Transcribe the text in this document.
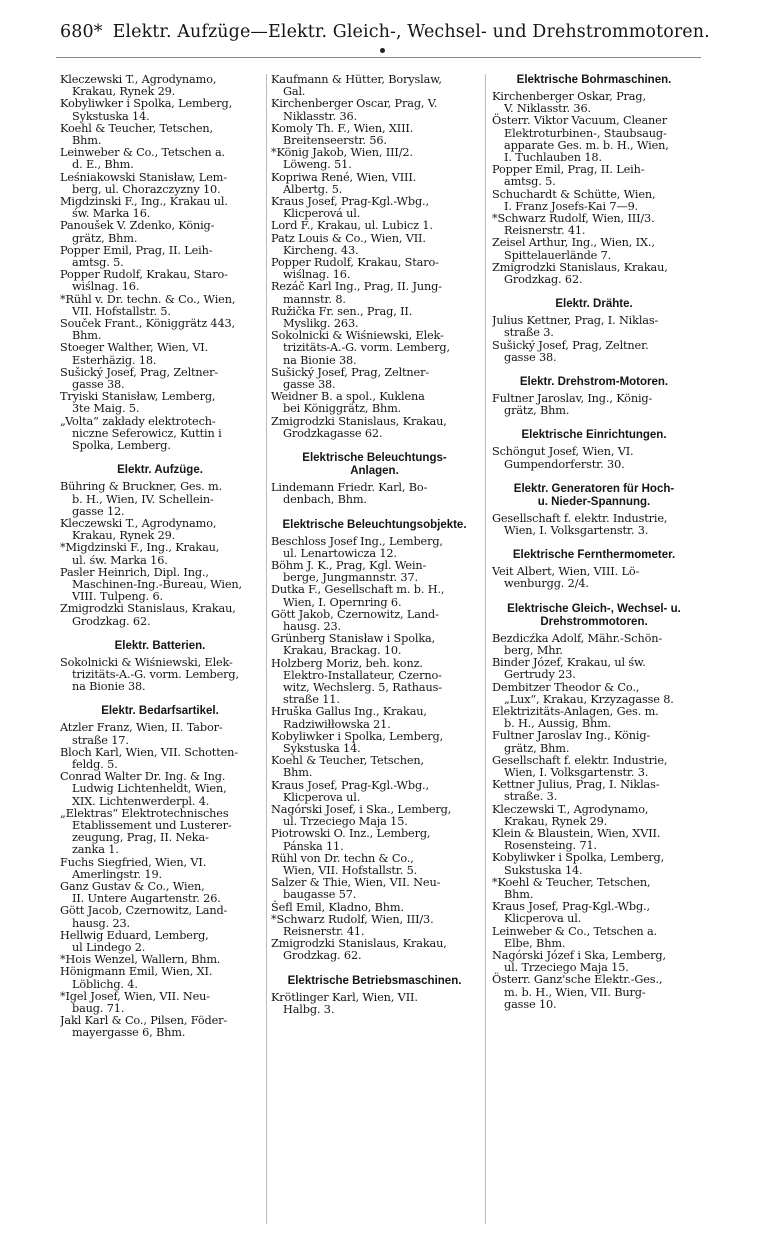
680* Elektr. Aufzüge—Elektr. Gleich-, Wechsel- und Drehstrommotoren.

Kleczewski T., Agrodynamo,
Krakau, Rynek 29.

Kobyliwker i Spolka, Lemberg,
Sykstuska 14.

Koehl & Teucher, Tetschen,
Bhm.

Leinweber & Co., Tetschen a.
d. E., Bhm.

Leśniakowski Stanisław, Lem-
berg, ul. Chorazczyzny 10.

Migdzinski F., Ing., Krakau ul.
św. Marka 16.

Panoušek V. Zdenko, König-
grätz, Bhm.

Popper Emil, Prag, II. Leih-
amtsg. 5.

Popper Rudolf, Krakau, Staro-
wiślnag. 16.

*Rühl v. Dr. techn. & Co., Wien,
VII. Hofstallstr. 5.

Souček Frant., Königgrätz 443,
Bhm.

Stoeger Walther, Wien, VI.
Esterhäzig. 18.

Sušický Josef, Prag, Zeltner-
gasse 38.

Tryiski Stanisław, Lemberg,
3te Maig. 5.

„Volta“ zakłady elektrotech-
niczne Seferowicz, Kuttin i
Spolka, Lemberg.

Elektr. Aufzüge.

Bühring & Bruckner, Ges. m.
b. H., Wien, IV. Schellein-
gasse 12.

Kleczewski T., Agrodynamo,
Krakau, Rynek 29.

*Migdzinski F., Ing., Krakau,
ul. św. Marka 16.

Pasler Heinrich, Dipl. Ing.,
Maschinen-Ing.-Bureau, Wien,
VIII. Tulpeng. 6.

Zmigrodzki Stanislaus, Krakau,
Grodzkag. 62.

Elektr. Batterien.

Sokolnicki & Wiśniewski, Elek-
trizitäts-A.-G. vorm. Lemberg,
na Bionie 38.

Elektr. Bedarfsartikel.

Atzler Franz, Wien, II. Tabor-
straße 17.

Bloch Karl, Wien, VII. Schotten-
feldg. 5.

Conrad Walter Dr. Ing. & Ing.
Ludwig Lichtenheldt, Wien,
XIX. Lichtenwerderpl. 4.

„Elektras“ Elektrotechnisches
Etablissement und Lusterer-
zeugung, Prag, II. Neka-
zanka 1.

Fuchs Siegfried, Wien, VI.
Amerlingstr. 19.

Ganz Gustav & Co., Wien,
II. Untere Augartenstr. 26.

Gött Jacob, Czernowitz, Land-
hausg. 23.

Hellwig Eduard, Lemberg,
ul Lindego 2.

*Hois Wenzel, Wallern, Bhm.

Hönigmann Emil, Wien, XI.
Löblichg. 4.

*Igel Josef, Wien, VII. Neu-
baug. 71.

Jakl Karl & Co., Pilsen, Föder-
mayergasse 6, Bhm.

Kaufmann & Hütter, Boryslaw,
Gal.

Kirchenberger Oscar, Prag, V.
Niklasstr. 36.

Komoly Th. F., Wien, XIII.
Breitenseerstr. 56.

*König Jakob, Wien, III/2.
Löweng. 51.

Kopriwa René, Wien, VIII.
Albertg. 5.

Kraus Josef, Prag-Kgl.-Wbg.,
Klicperová ul.

Lord F., Krakau, ul. Lubicz 1.

Patz Louis & Co., Wien, VII.
Kircheng. 43.

Popper Rudolf, Krakau, Staro-
wiślnag. 16.

Rezáč Karl Ing., Prag, II. Jung-
mannstr. 8.

Ružička Fr. sen., Prag, II.
Myslikg. 263.

Sokolnicki & Wiśniewski, Elek-
trizitäts-A.-G. vorm. Lemberg,
na Bionie 38.

Sušický Josef, Prag, Zeltner-
gasse 38.

Weidner B. a spol., Kuklena
bei Königgrätz, Bhm.

Zmigrodzki Stanislaus, Krakau,
Grodzkagasse 62.

Elektrische Beleuchtungs-
Anlagen.

Lindemann Friedr. Karl, Bo-
denbach, Bhm.

Elektrische Beleuchtungsobjekte.

Beschloss Josef Ing., Lemberg,
ul. Lenartowicza 12.

Böhm J. K., Prag, Kgl. Wein-
berge, Jungmannstr. 37.

Dutka F., Gesellschaft m. b. H.,
Wien, I. Opernring 6.

Gött Jakob, Czernowitz, Land-
hausg. 23.

Grünberg Stanisław i Spolka,
Krakau, Brackag. 10.

Holzberg Moriz, beh. konz.
Elektro-Installateur, Czerno-
witz, Wechslerg. 5, Rathaus-
straße 11.

Hruška Gallus Ing., Krakau,
Radziwiłłowska 21.

Kobyliwker i Spolka, Lemberg,
Sykstuska 14.

Koehl & Teucher, Tetschen,
Bhm.

Kraus Josef, Prag-Kgl.-Wbg.,
Klicperova ul.

Nagórski Josef, i Ska., Lemberg,
ul. Trzeciego Maja 15.

Piotrowski O. Inz., Lemberg,
Pánska 11.

Rühl von Dr. techn & Co.,
Wien, VII. Hofstallstr. 5.

Salzer & Thie, Wien, VII. Neu-
baugasse 57.

Šefl Emil, Kladno, Bhm.

*Schwarz Rudolf, Wien, III/3.
Reisnerstr. 41.

Zmigrodzki Stanislaus, Krakau,
Grodzkag. 62.

Elektrische Betriebsmaschinen.

Krötlinger Karl, Wien, VII.
Halbg. 3.

Elektrische Bohrmaschinen.

Kirchenberger Oskar, Prag,
V. Niklasstr. 36.

Österr. Viktor Vacuum, Cleaner
Elektroturbinen-, Staubsaug-
apparate Ges. m. b. H., Wien,
I. Tuchlauben 18.

Popper Emil, Prag, II. Leih-
amtsg. 5.

Schuchardt & Schütte, Wien,
I. Franz Josefs-Kai 7—9.

*Schwarz Rudolf, Wien, III/3.
Reisnerstr. 41.

Zeisel Arthur, Ing., Wien, IX.,
Spittelauerlände 7.

Zmigrodzki Stanislaus, Krakau,
Grodzkag. 62.

Elektr. Drähte.

Julius Kettner, Prag, I. Niklas-
straße 3.

Sušický Josef, Prag, Zeltner.
gasse 38.

Elektr. Drehstrom-Motoren.

Fultner Jaroslav, Ing., König-
grätz, Bhm.

Elektrische Einrichtungen.

Schöngut Josef, Wien, VI.
Gumpendorferstr. 30.

Elektr. Generatoren für Hoch-
u. Nieder-Spannung.

Gesellschaft f. elektr. Industrie,
Wien, I. Volksgartenstr. 3.

Elektrische Fernthermometer.

Veit Albert, Wien, VIII. Lö-
wenburgg. 2/4.

Elektrische Gleich-, Wechsel- u.
Drehstrommotoren.

Bezdicźka Adolf, Mähr.-Schön-
berg, Mhr.

Binder Józef, Krakau, ul św.
Gertrudy 23.

Dembitzer Theodor & Co.,
„Lux“, Krakau, Krzyzagasse 8.

Elektrizitäts-Anlagen, Ges. m.
b. H., Aussig, Bhm.

Fultner Jaroslav Ing., König-
grätz, Bhm.

Gesellschaft f. elektr. Industrie,
Wien, I. Volksgartenstr. 3.

Kettner Julius, Prag, I. Niklas-
straße. 3.

Kleczewski T., Agrodynamo,
Krakau, Rynek 29.

Klein & Blaustein, Wien, XVII.
Rosensteing. 71.

Kobyliwker i Spolka, Lemberg,
Sukstuska 14.

*Koehl & Teucher, Tetschen,
Bhm.

Kraus Josef, Prag-Kgl.-Wbg.,
Klicperova ul.

Leinweber & Co., Tetschen a.
Elbe, Bhm.

Nagórski Józef i Ska, Lemberg,
ul. Trzeciego Maja 15.

Österr. Ganz'sche Elektr.-Ges.,
m. b. H., Wien, VII. Burg-
gasse 10.
